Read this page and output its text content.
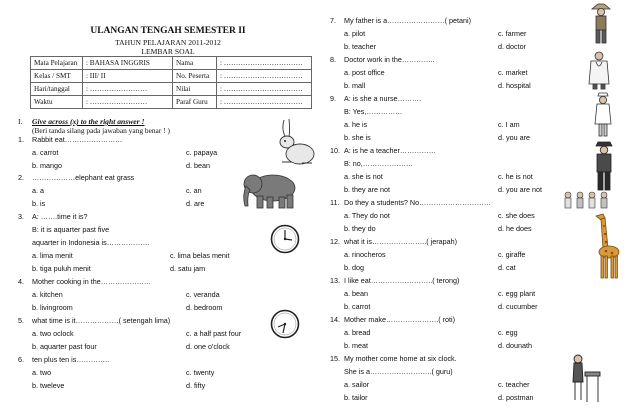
ULANGAN TENGAH SEMESTER II
TAHUN PELAJARAN 2011-2012
LEMBAR SOAL
Mata Pelajaran	: BAHASA INGGRIS	Nama	: ……………………………
Kelas / SMT	: III/ II	No. Peserta	: ……………………………
Hari/tanggal	: ……………………	Nilai	: ……………………………
Waktu	: ……………………	Paraf Guru	: ……………………………
I. Give across (x) to the right answer !
(Beri tanda silang pada jawaban yang benar ! )
1. Rabbit eat……………………
a. carrot	c. papaya
b. mango	d. bean
2. ………………elephant eat grass
a. a	c. an
b. is	d. are
3. A: …….time it is?
B: it is aquarter past five
aquarter in Indonesia is………………
a. lima menit	c. lima belas menit
b. tiga puluh menit	d. satu jam
4. Mother cooking in the…………………
a. kitchen	c. veranda
b. livingroom	d. bedroom
5. what time is it………………( setengah lima)
a. two oclock	c. a half past four
b. aquarter past four	d. one o'clock
6. ten plus ten is…………..
a. two	c. twenty
b. tweleve	d. fifty
7. My father is a……………………( petani)
a. pilot	c. farmer
b. teacher	d. doctor
8. Doctor work in the…………..
a. post office	c. market
b. mall	d. hospital
9. A: is she a nurse……….
B: Yes,……………
a. he is	c. I am
b. she is	d. you are
10. A: is he a teacher……………
B: no,…………………
a. she is not	c. he is not
b. they are not	d. you are not
11. Do they a students? No…………………………
a. They do not	c. she does
b. they do	d. he does
12. what it is…………………..( jerapah)
a. rinocheros	c. giraffe
b. dog	d. cat
13. I like eat……………………..( terong)
a. bean	c. egg plant
b. carrot	d. cucumber
14. Mother make………………….( roti)
a. bread	c. egg
b. meat	d. dounath
15. My mother come home at six clock.
She is a……………………..( guru)
a. sailor	c. teacher
b. tailor	d. postman
